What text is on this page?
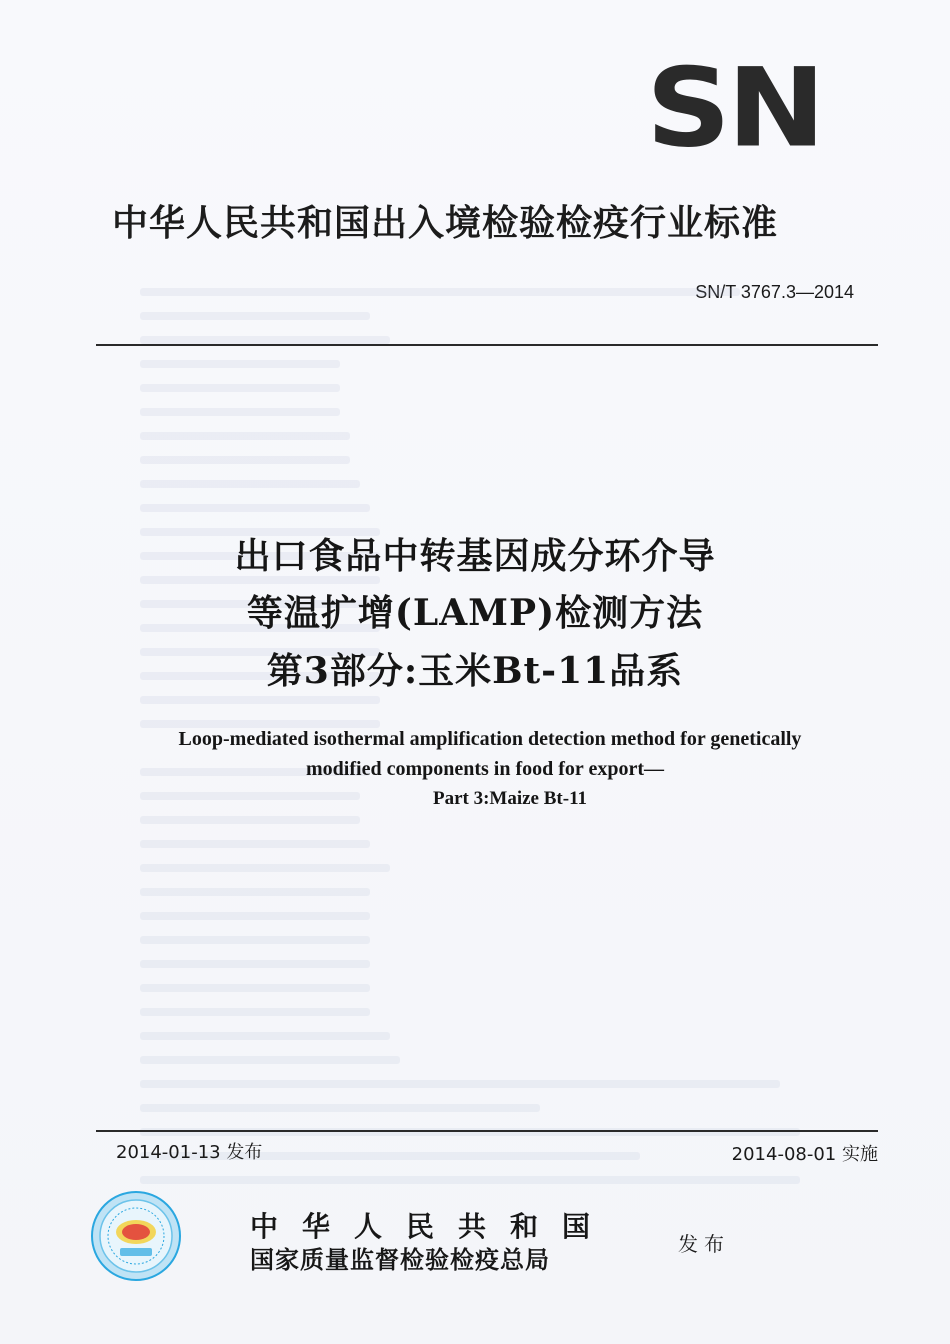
SN
中华人民共和国出入境检验检疫行业标准
SN/T 3767.3—2014
出口食品中转基因成分环介导
等温扩增(LAMP)检测方法
第3部分:玉米Bt-11品系
Loop-mediated isothermal amplification detection method for genetically
modified components in food for export—
Part 3:Maize Bt-11
2014-01-13 发布	2014-08-01 实施
中华人民共和国
国家质量监督检验检疫总局
发布
